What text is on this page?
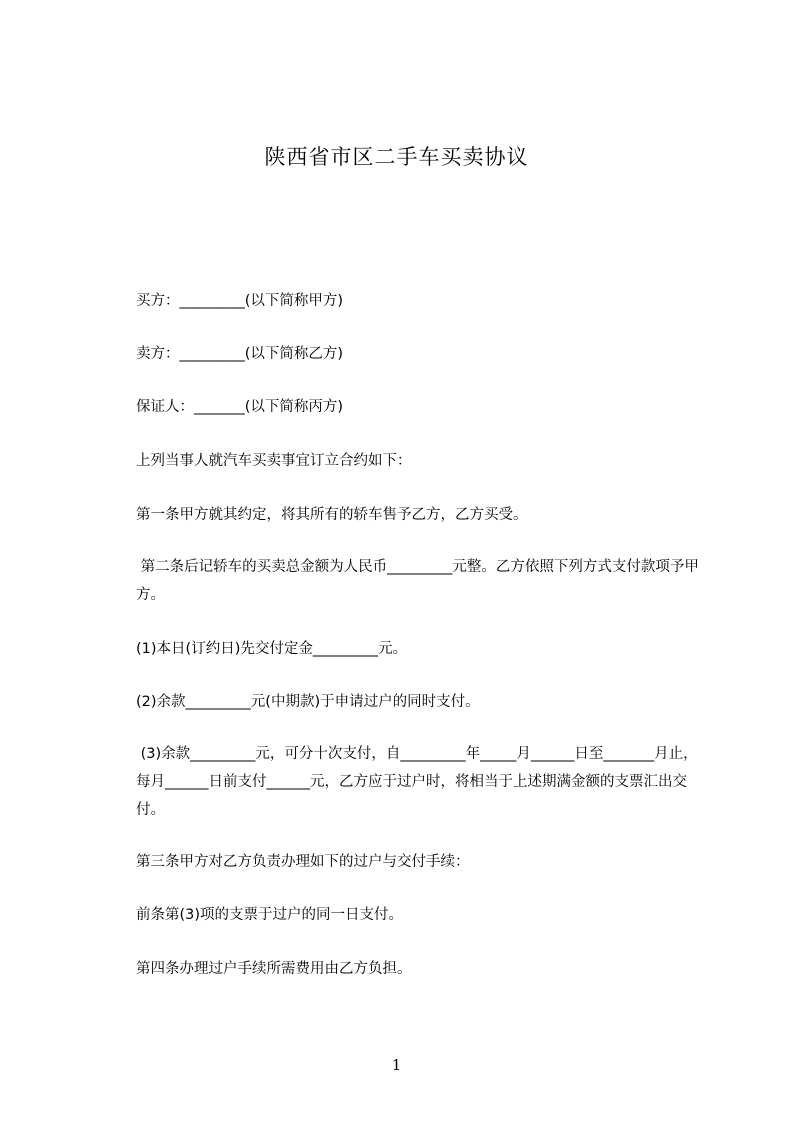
陕西省市区二手车买卖协议
买方：_________(以下简称甲方)
卖方：_________(以下简称乙方)
保证人：_______(以下简称丙方)
上列当事人就汽车买卖事宜订立合约如下：
第一条甲方就其约定，将其所有的轿车售予乙方，乙方买受。
第二条后记轿车的买卖总金额为人民币_________元整。乙方依照下列方式支付款项予甲方。
(1)本日(订约日)先交付定金_________元。
(2)余款_________元(中期款)于申请过户的同时支付。
(3)余款_________元，可分十次支付，自_________年_____月______日至_______月止，每月______日前支付______元，乙方应于过户时，将相当于上述期满金额的支票汇出交付。
第三条甲方对乙方负责办理如下的过户与交付手续：
前条第(3)项的支票于过户的同一日支付。
第四条办理过户手续所需费用由乙方负担。
1
